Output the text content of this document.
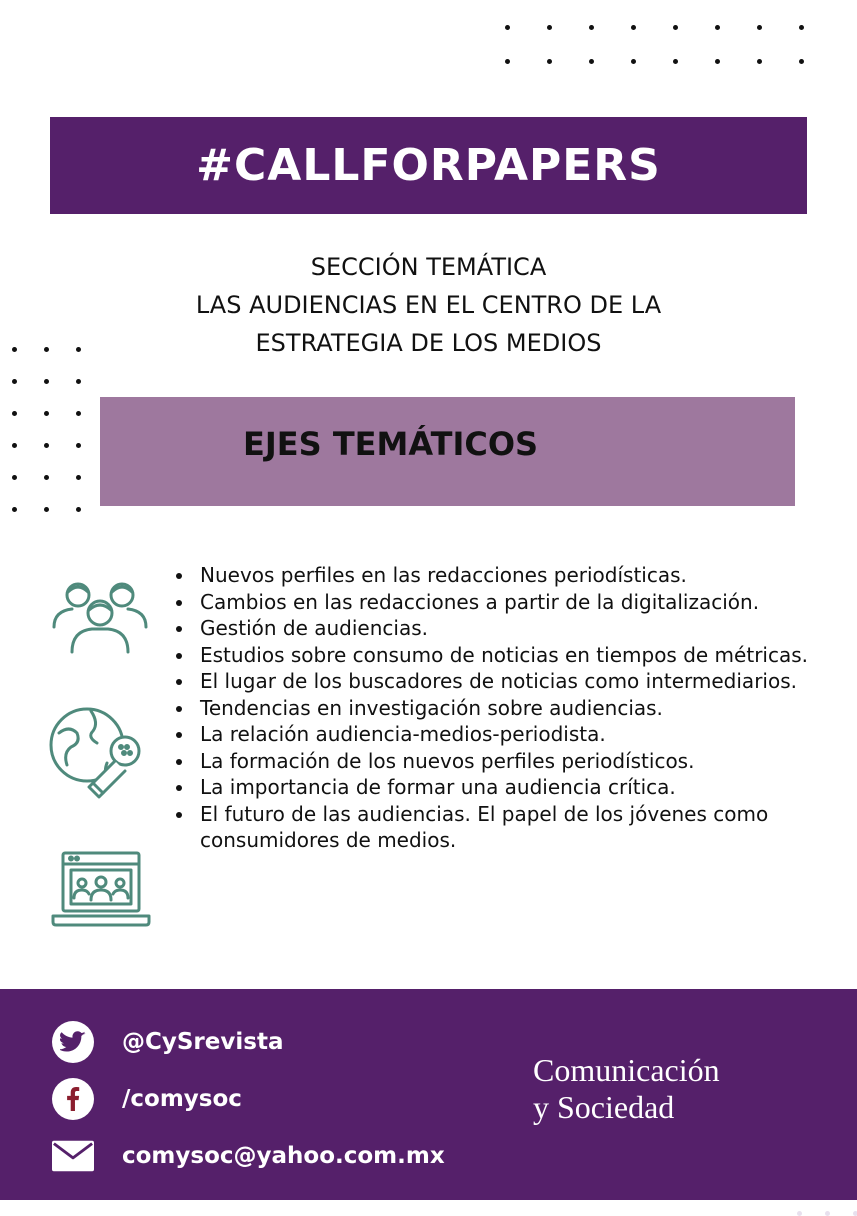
#CALLFORPAPERS
SECCIÓN TEMÁTICA
LAS AUDIENCIAS EN EL CENTRO DE LA
ESTRATEGIA DE LOS MEDIOS
EJES TEMÁTICOS
Nuevos perfiles en las redacciones periodísticas.
Cambios en las redacciones a partir de la digitalización.
Gestión de audiencias.
Estudios sobre consumo de noticias en tiempos de métricas.
El lugar de los buscadores de noticias como intermediarios.
Tendencias en investigación sobre audiencias.
La relación audiencia-medios-periodista.
La formación de los nuevos perfiles periodísticos.
La importancia de formar una audiencia crítica.
El futuro de las audiencias. El papel de los jóvenes como consumidores de medios.
@CySrevista
/comysoc
comysoc@yahoo.com.mx
Comunicación
y Sociedad
